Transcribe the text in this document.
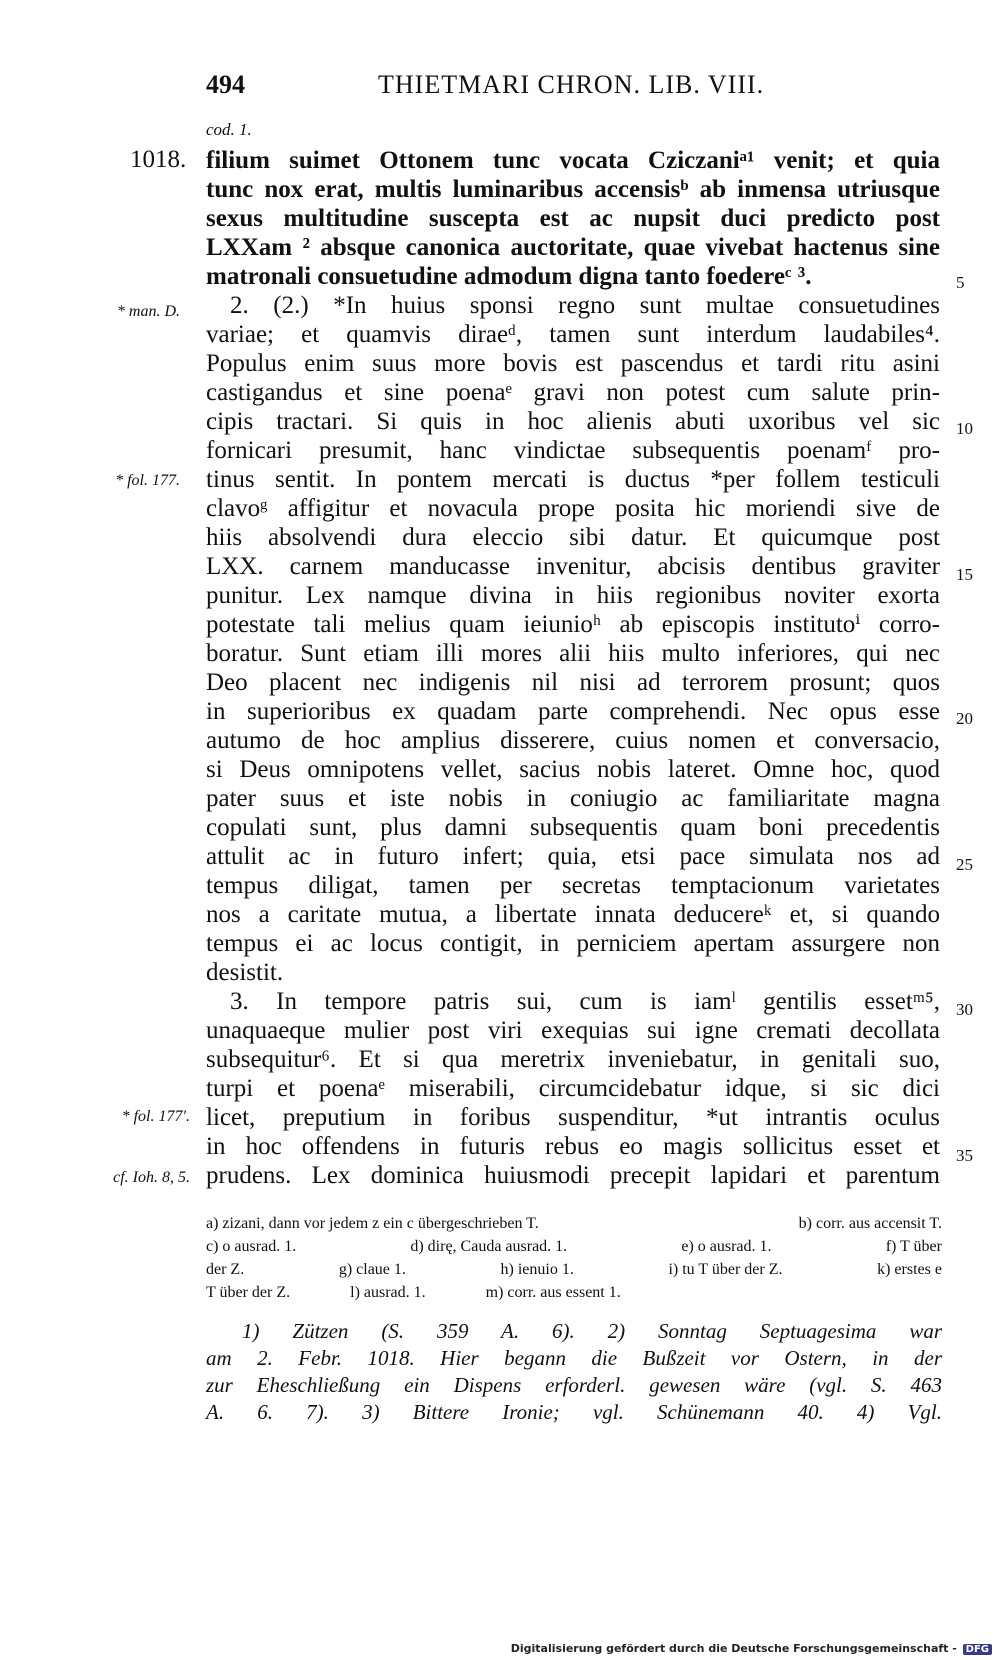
494	THIETMARI CHRON. LIB. VIII.
cod. 1.
1018.
* man. D.
* fol. 177.
* fol. 177′.
cf. Ioh. 8, 5.
5
10
15
20
25
30
35
filium suimet Ottonem tunc vocata Cziczaniᵃ¹ venit; et quia
tunc nox erat, multis luminaribus accensisᵇ ab inmensa utriusque
sexus multitudine suscepta est ac nupsit duci predicto post
LXXam ² absque canonica auctoritate, quae vivebat hactenus sine
matronali consuetudine admodum digna tanto foedereᶜ ³.
2. (2.) *In huius sponsi regno sunt multae consuetudines
variae; et quamvis diraeᵈ, tamen sunt interdum laudabiles⁴.
Populus enim suus more bovis est pascendus et tardi ritu asini
castigandus et sine poenaᵉ gravi non potest cum salute prin-
cipis tractari. Si quis in hoc alienis abuti uxoribus vel sic
fornicari presumit, hanc vindictae subsequentis poenamᶠ pro-
tinus sentit. In pontem mercati is ductus *per follem testiculi
clavoᵍ affigitur et novacula prope posita hic moriendi sive de
hiis absolvendi dura eleccio sibi datur. Et quicumque post
LXX. carnem manducasse invenitur, abcisis dentibus graviter
punitur. Lex namque divina in hiis regionibus noviter exorta
potestate tali melius quam ieiunioʰ ab episcopis institutoⁱ corro-
boratur. Sunt etiam illi mores alii hiis multo inferiores, qui nec
Deo placent nec indigenis nil nisi ad terrorem prosunt; quos
in superioribus ex quadam parte comprehendi. Nec opus esse
autumo de hoc amplius disserere, cuius nomen et conversacio,
si Deus omnipotens vellet, sacius nobis lateret. Omne hoc, quod
pater suus et iste nobis in coniugio ac familiaritate magna
copulati sunt, plus damni subsequentis quam boni precedentis
attulit ac in futuro infert; quia, etsi pace simulata nos ad
tempus diligat, tamen per secretas temptacionum varietates
nos a caritate mutua, a libertate innata deducereᵏ et, si quando
tempus ei ac locus contigit, in perniciem apertam assurgere non
desistit.
3. In tempore patris sui, cum is iamˡ gentilis essetᵐ⁵,
unaquaeque mulier post viri exequias sui igne cremati decollata
subsequitur⁶. Et si qua meretrix inveniebatur, in genitali suo,
turpi et poenaᵉ miserabili, circumcidebatur idque, si sic dici
licet, preputium in foribus suspenditur, *ut intrantis oculus
in hoc offendens in futuris rebus eo magis sollicitus esset et
prudens. Lex dominica huiusmodi precepit lapidari et parentum
a) zizani, dann vor jedem z ein c übergeschrieben T.	b) corr. aus accensit T.
c) o ausrad. 1.	d) dirę, Cauda ausrad. 1.	e) o ausrad. 1.	f) T über
der Z.	g) claue 1.	h) ienuio 1.	i) tu T über der Z.	k) erstes e
T über der Z.	l) ausrad. 1.	m) corr. aus essent 1.
1) Zützen (S. 359 A. 6). 2) Sonntag Septuagesima war
am 2. Febr. 1018. Hier begann die Bußzeit vor Ostern, in der
zur Eheschließung ein Dispens erforderl. gewesen wäre (vgl. S. 463
A. 6. 7). 3) Bittere Ironie; vgl. Schünemann 40. 4) Vgl.
Digitalisierung gefördert durch die Deutsche Forschungsgemeinschaft - DFG
